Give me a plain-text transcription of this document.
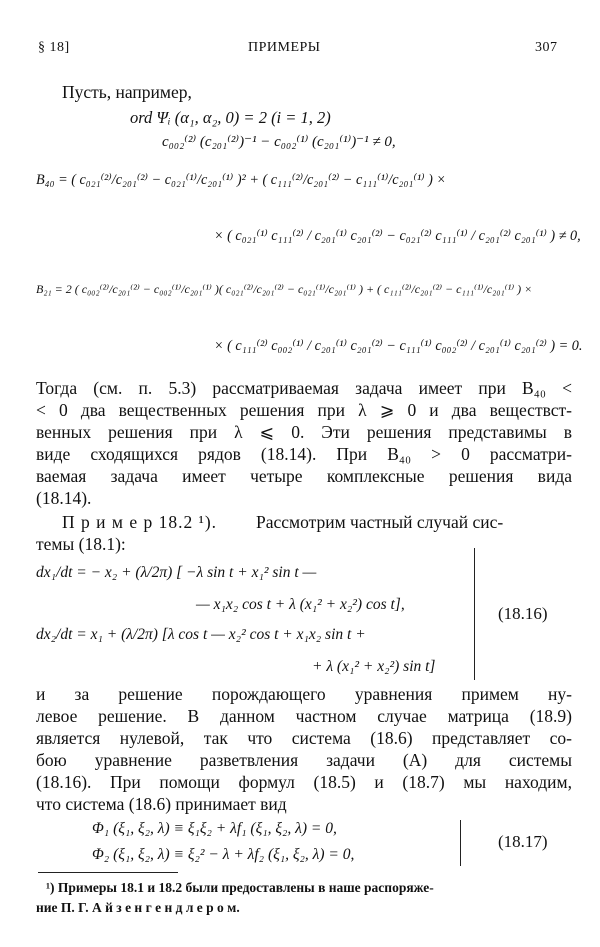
§ 18]	ПРИМЕРЫ	307
Пусть, например,
ord Ψᵢ (α₁, α₂, 0) = 2 (i = 1, 2)
c₀₀₂⁽²⁾ (c₂₀₁⁽²⁾)⁻¹ − c₀₀₂⁽¹⁾ (c₂₀₁⁽¹⁾)⁻¹ ≠ 0,
B₄₀ = ( c₀₂₁⁽²⁾/c₂₀₁⁽²⁾ − c₀₂₁⁽¹⁾/c₂₀₁⁽¹⁾ )² + ( c₁₁₁⁽²⁾/c₂₀₁⁽²⁾ − c₁₁₁⁽¹⁾/c₂₀₁⁽¹⁾ ) ×
× ( c₀₂₁⁽¹⁾ c₁₁₁⁽²⁾ / c₂₀₁⁽¹⁾ c₂₀₁⁽²⁾ − c₀₂₁⁽²⁾ c₁₁₁⁽¹⁾ / c₂₀₁⁽²⁾ c₂₀₁⁽¹⁾ ) ≠ 0,
B₂₁ = 2 ( c₀₀₂⁽²⁾/c₂₀₁⁽²⁾ − c₀₀₂⁽¹⁾/c₂₀₁⁽¹⁾ )( c₀₂₁⁽²⁾/c₂₀₁⁽²⁾ − c₀₂₁⁽¹⁾/c₂₀₁⁽¹⁾ ) + ( c₁₁₁⁽²⁾/c₂₀₁⁽²⁾ − c₁₁₁⁽¹⁾/c₂₀₁⁽¹⁾ ) ×
× ( c₁₁₁⁽²⁾ c₀₀₂⁽¹⁾ / c₂₀₁⁽¹⁾ c₂₀₁⁽²⁾ − c₁₁₁⁽¹⁾ c₀₀₂⁽²⁾ / c₂₀₁⁽¹⁾ c₂₀₁⁽²⁾ ) = 0.
Тогда (см. п. 5.3) рассматриваемая задача имеет при B₄₀ <
< 0 два вещественных решения при λ ⩾ 0 и два веществст-
венных решения при λ ⩽ 0. Эти решения представимы в
виде сходящихся рядов (18.14). При B₄₀ > 0 рассматри-
ваемая задача имеет четыре комплексные решения вида
(18.14).
П р и м е р 18.2 ¹). Рассмотрим частный случай сис-
темы (18.1):
dx₁/dt = − x₂ + (λ/2π) [ −λ sin t + x₁² sin t —
— x₁x₂ cos t + λ (x₁² + x₂²) cos t],
dx₂/dt = x₁ + (λ/2π) [λ cos t — x₂² cos t + x₁x₂ sin t +
+ λ (x₁² + x₂²) sin t]
(18.16)
и за решение порождающего уравнения примем ну-
левое решение. В данном частном случае матрица (18.9)
является нулевой, так что система (18.6) представляет со-
бою уравнение разветвления задачи (A) для системы
(18.16). При помощи формул (18.5) и (18.7) мы находим,
что система (18.6) принимает вид
Φ₁ (ξ₁, ξ₂, λ) ≡ ξ₁ξ₂ + λf₁ (ξ₁, ξ₂, λ) = 0,
Φ₂ (ξ₁, ξ₂, λ) ≡ ξ₂² − λ + λf₂ (ξ₁, ξ₂, λ) = 0,
(18.17)
¹) Примеры 18.1 и 18.2 были предоставлены в наше распоряже-
ние П. Г. А й з е н г е н д л е р о м.
